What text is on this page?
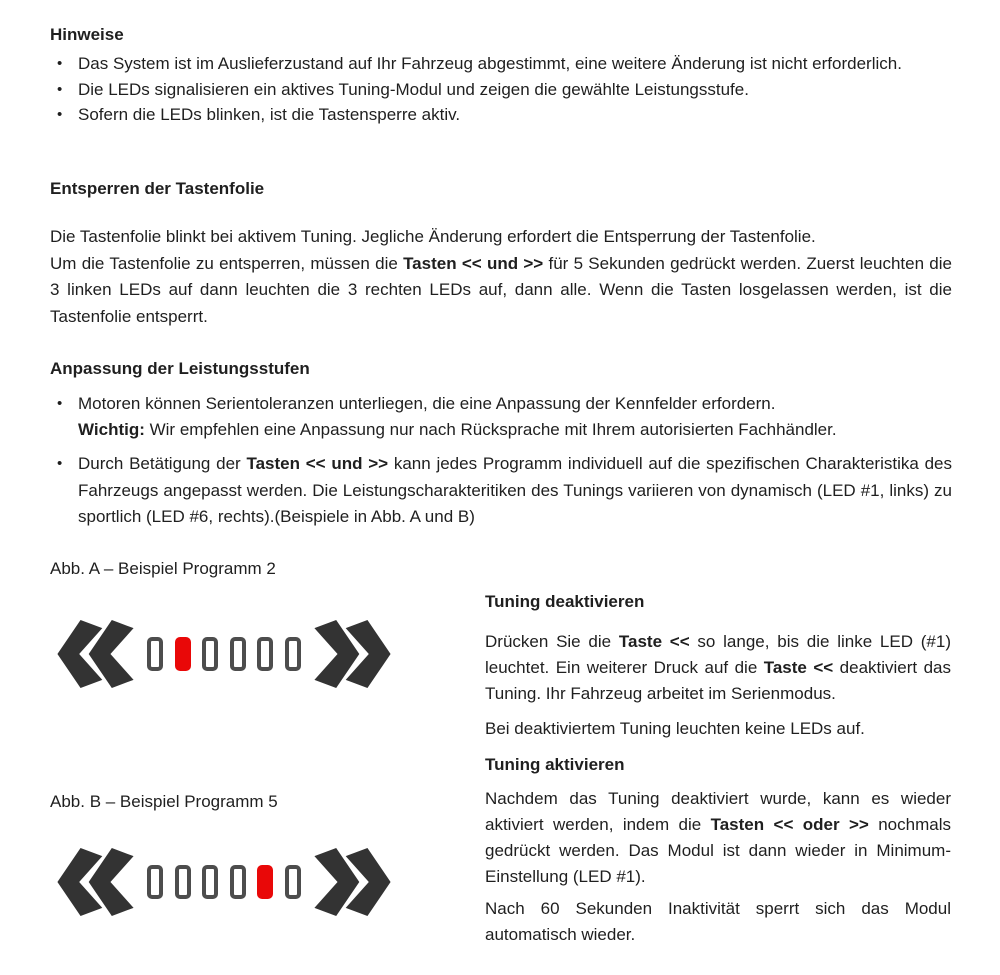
Hinweise
• Das System ist im Auslieferzustand auf Ihr Fahrzeug abgestimmt, eine weitere Änderung ist nicht erforderlich.
• Die LEDs signalisieren ein aktives Tuning-Modul und zeigen die gewählte Leistungsstufe.
• Sofern die LEDs blinken, ist die Tastensperre aktiv.
Entsperren der Tastenfolie
Die Tastenfolie blinkt bei aktivem Tuning. Jegliche Änderung erfordert die Entsperrung der Tastenfolie.
Um die Tastenfolie zu entsperren, müssen die Tasten << und >> für 5 Sekunden gedrückt werden. Zuerst leuchten die 3 linken LEDs auf dann leuchten die 3 rechten LEDs auf, dann alle. Wenn die Tasten losgelassen werden, ist die Tastenfolie entsperrt.
Anpassung der Leistungsstufen
• Motoren können Serientoleranzen unterliegen, die eine Anpassung der Kennfelder erfordern.
Wichtig: Wir empfehlen eine Anpassung nur nach Rücksprache mit Ihrem autorisierten Fachhändler.
• Durch Betätigung der Tasten << und >> kann jedes Programm individuell auf die spezifischen Charakteristika des Fahrzeugs angepasst werden. Die Leistungscharakteritiken des Tunings variieren von dynamisch (LED #1, links) zu sportlich (LED #6, rechts).(Beispiele in Abb. A und B)
Abb. A – Beispiel Programm 2
Abb. B – Beispiel Programm 5
Tuning deaktivieren
Drücken Sie die Taste << so lange, bis die linke LED (#1) leuchtet. Ein weiterer Druck auf die Taste << deaktiviert das Tuning. Ihr Fahrzeug arbeitet im Serienmodus.
Bei deaktiviertem Tuning leuchten keine LEDs auf.
Tuning aktivieren
Nachdem das Tuning deaktiviert wurde, kann es wieder aktiviert werden, indem die Tasten << oder >> nochmals gedrückt werden. Das Modul ist dann wieder in Minimum-Einstellung (LED #1).
Nach 60 Sekunden Inaktivität sperrt sich das Modul automatisch wieder.
